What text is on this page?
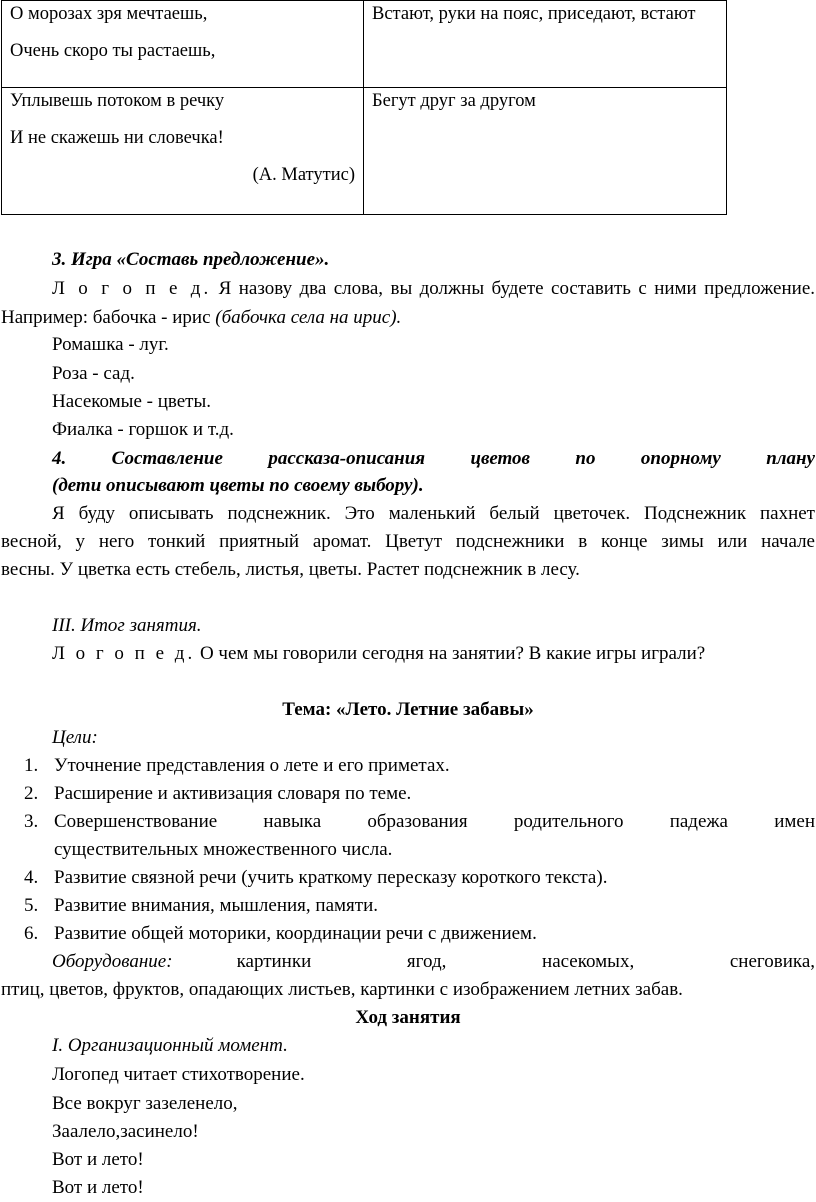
О морозах зря мечтаешь,

Очень скоро ты растаешь,	Встают, руки на пояс, приседают, встают

Уплывешь потоком в речку

И не скажешь ни словечка!

(А. Матутис)	Бегут друг за другом

3. Игра «Составь предложение».
Л о г о п е д. Я назову два слова, вы должны будете составить с ними предложение.
Например: бабочка - ирис (бабочка села на ирис).
Ромашка - луг.
Роза - сад.
Насекомые - цветы.
Фиалка - горшок и т.д.
4. Составление рассказа-описания цветов по опорному плану
(дети описывают цветы по своему выбору).
Я буду описывать подснежник. Это маленький белый цветочек. Подснежник пахнет
весной, у него тонкий приятный аромат. Цветут подснежники в конце зимы или начале
весны. У цветка есть стебель, листья, цветы. Растет подснежник в лесу.
III. Итог занятия.
Л о г о п е д. О чем мы говорили сегодня на занятии? В какие игры играли?
Тема: «Лето. Летние забавы»
Цели:
1. Уточнение представления о лете и его приметах.
2. Расширение и активизация словаря по теме.
3. Совершенствование навыка образования родительного падежа имен
существительных множественного числа.
4. Развитие связной речи (учить краткому пересказу короткого текста).
5. Развитие внимания, мышления, памяти.
6. Развитие общей моторики, координации речи с движением.
Оборудование:	картинки ягод, насекомых, снеговика,
птиц, цветов, фруктов, опадающих листьев, картинки с изображением летних забав.
Ход занятия
I. Организационный момент.
Логопед читает стихотворение.
Все вокруг зазеленело,
Заалело,засинело!
Вот и лето!
Вот и лето!
